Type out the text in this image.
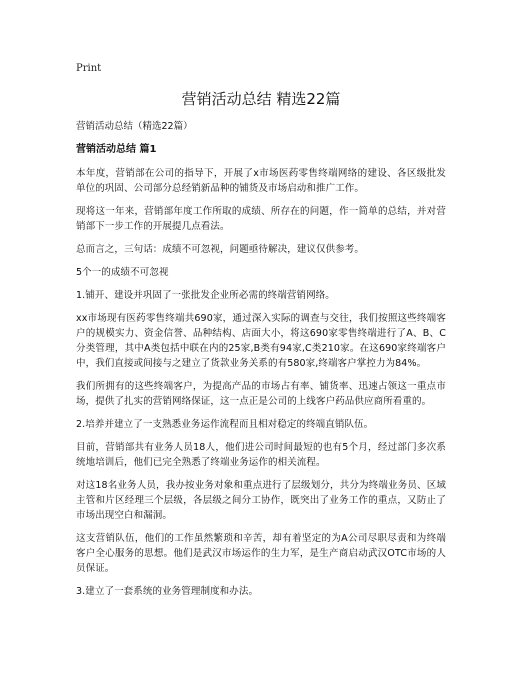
Print
营销活动总结 精选22篇
营销活动总结（精选22篇）
营销活动总结 篇1

本年度，营销部在公司的指导下，开展了x市场医药零售终端网络的建设、各区级批发单位的巩固、公司部分总经销新品种的铺货及市场启动和推广工作。

现将这一年来，营销部年度工作所取的成绩、所存在的问题，作一简单的总结，并对营销部下一步工作的开展提几点看法。

总而言之，三句话：成绩不可忽视，问题亟待解决，建议仅供参考。

5个一的成绩不可忽视

1.铺开、建设并巩固了一张批发企业所必需的终端营销网络。

xx市场现有医药零售终端共690家，通过深入实际的调查与交往，我们按照这些终端客户的规模实力、资金信誉、品种结构、店面大小，将这690家零售终端进行了A、B、C分类管理，其中A类包括中联在内的25家,B类有94家,C类210家。在这690家终端客户中，我们直接或间接与之建立了货款业务关系的有580家,终端客户掌控力为84%。

我们所拥有的这些终端客户，为提高产品的市场占有率、铺货率、迅速占领这一重点市场，提供了扎实的营销网络保证，这一点正是公司的上线客户药品供应商所看重的。

2.培养并建立了一支熟悉业务运作流程而且相对稳定的终端直销队伍。

目前，营销部共有业务人员18人，他们进公司时间最短的也有5个月，经过部门多次系统地培训后，他们已完全熟悉了终端业务运作的相关流程。

对这18名业务人员，我办按业务对象和重点进行了层级划分，共分为终端业务员、区域主管和片区经理三个层级，各层级之间分工协作，既突出了业务工作的重点，又防止了市场出现空白和漏洞。

这支营销队伍，他们的工作虽然繁琐和辛苦，却有着坚定的为A公司尽职尽责和为终端客户全心服务的思想。他们是武汉市场运作的生力军，是生产商启动武汉OTC市场的人员保证。

3.建立了一套系统的业务管理制度和办法。
